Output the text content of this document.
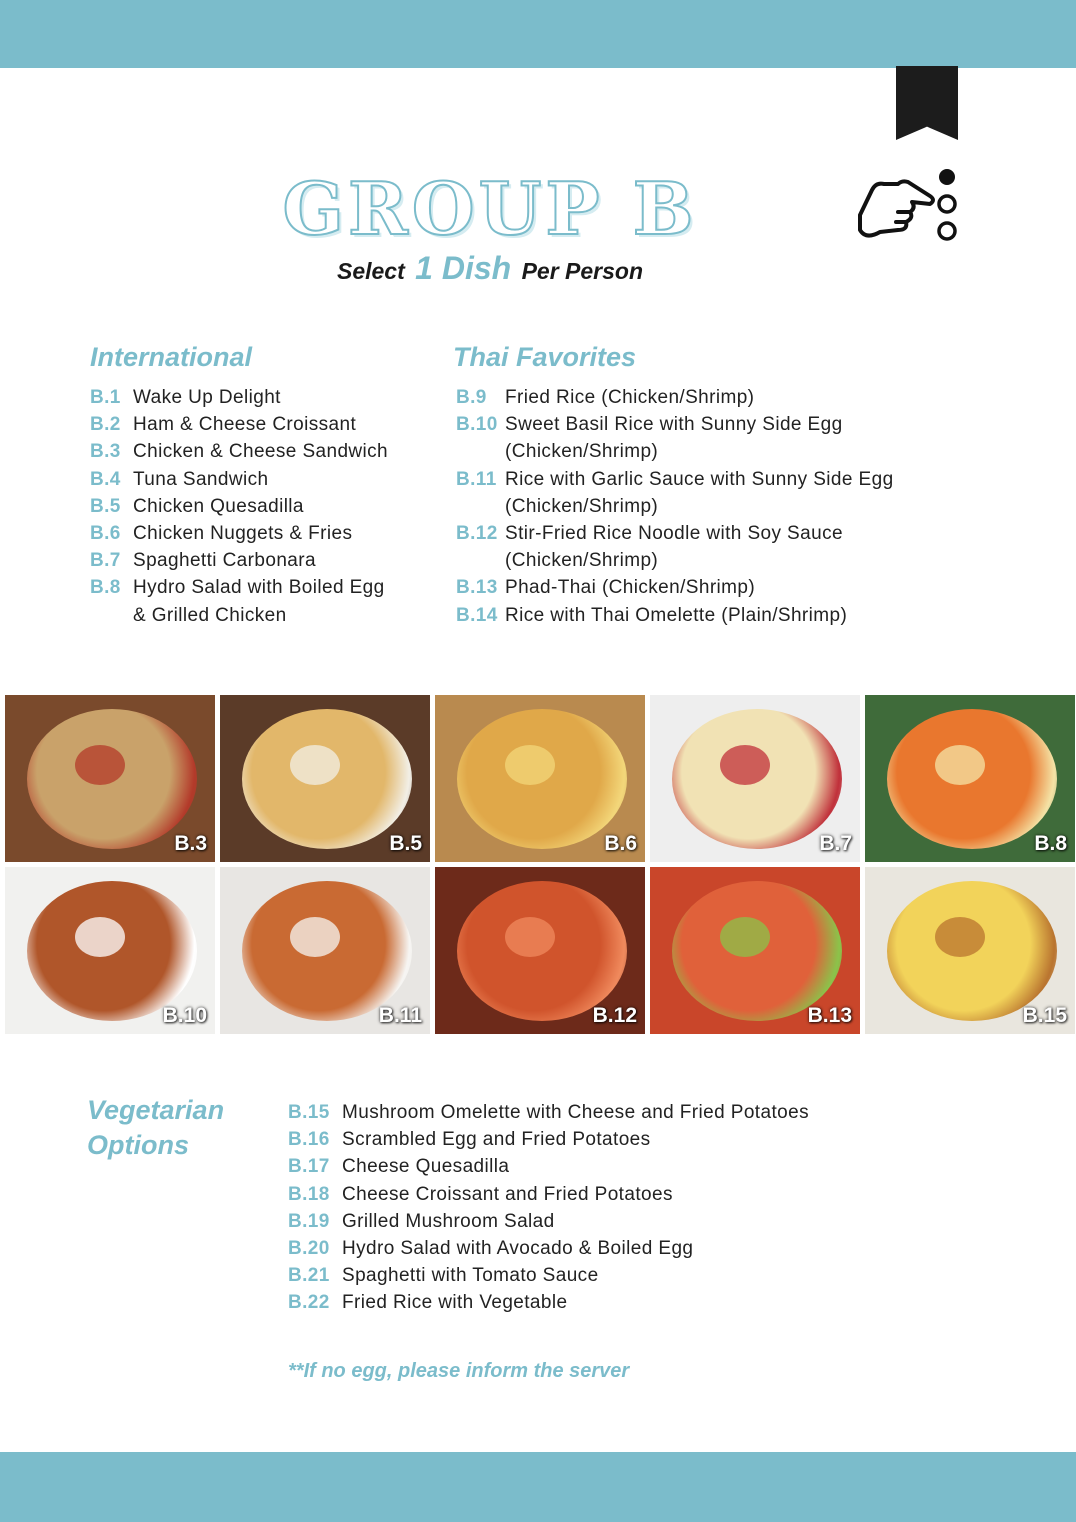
GROUP B
Select 1 Dish Per Person
International
B.1 Wake Up Delight
B.2 Ham & Cheese Croissant
B.3 Chicken & Cheese Sandwich
B.4 Tuna Sandwich
B.5 Chicken Quesadilla
B.6 Chicken Nuggets & Fries
B.7 Spaghetti Carbonara
B.8 Hydro Salad with Boiled Egg
& Grilled Chicken
Thai Favorites
B.9 Fried Rice (Chicken/Shrimp)
B.10 Sweet Basil Rice with Sunny Side Egg
(Chicken/Shrimp)
B.11 Rice with Garlic Sauce with Sunny Side Egg
(Chicken/Shrimp)
B.12 Stir-Fried Rice Noodle with Soy Sauce
(Chicken/Shrimp)
B.13 Phad-Thai (Chicken/Shrimp)
B.14 Rice with Thai Omelette (Plain/Shrimp)
B.3	B.5	B.6	B.7	B.8
B.10	B.11	B.12	B.13	B.15
Vegetarian
Options
B.15 Mushroom Omelette with Cheese and Fried Potatoes
B.16 Scrambled Egg and Fried Potatoes
B.17 Cheese Quesadilla
B.18 Cheese Croissant and Fried Potatoes
B.19 Grilled Mushroom Salad
B.20 Hydro Salad with Avocado & Boiled Egg
B.21 Spaghetti with Tomato Sauce
B.22 Fried Rice with Vegetable
**If no egg, please inform the server
